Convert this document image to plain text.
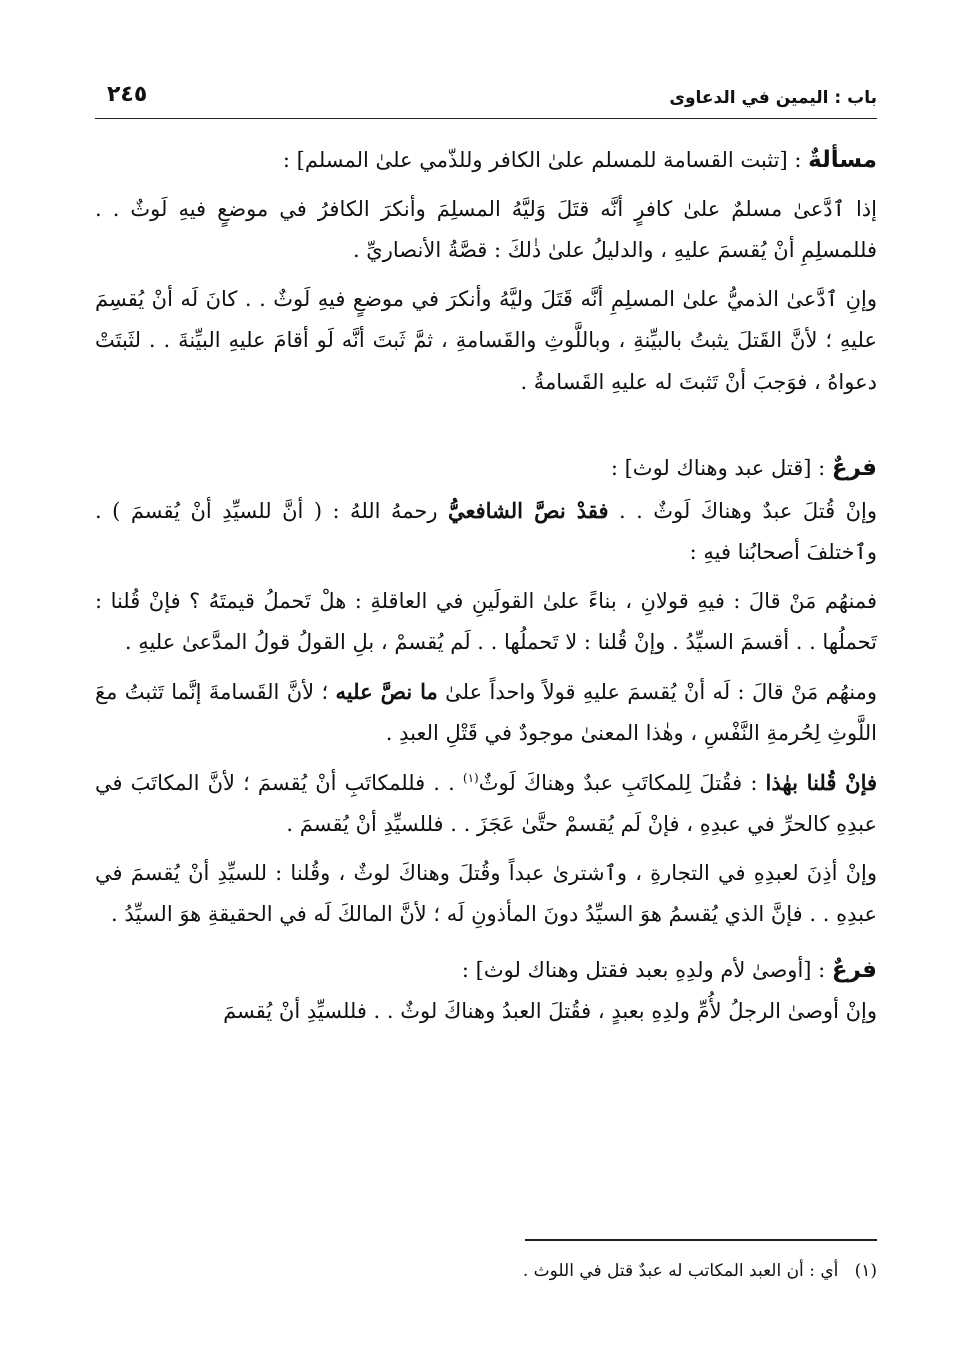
باب : اليمين في الدعاوى
٢٤٥
مسألةٌ : [تثبت القسامة للمسلم علىٰ الكافر وللذّمي علىٰ المسلم] :

إذا ٱدَّعىٰ مسلمٌ علىٰ كافرٍ أنَّه قتَلَ وَليَّهُ المسلِمَ وأنكرَ الكافرُ في موضعٍ فيهِ لَوثٌ . . فللمسلِمِ أنْ يُقسمَ عليهِ ، والدليلُ علىٰ ذٰلكَ : قصَّةُ الأنصاريِّ .

وإنِ ٱدَّعىٰ الذميُّ علىٰ المسلِمِ أنَّه قَتَلَ وليَّهُ وأنكرَ في موضعٍ فيهِ لَوثٌ . . كانَ لَه أنْ يُقسِمَ عليهِ ؛ لأنَّ القَتلَ يثبتُ بالبيِّنةِ ، وباللَّوثِ والقَسامةِ ، ثمَّ ثَبتَ أنَّه لَو أقامَ عليهِ البيِّنةَ . . لثَبتَتْ دعواهُ ، فوَجبَ أنْ تَثبتَ له عليهِ القَسامةُ .

فرعٌ : [قتل عبد وهناك لوث] :

وإنْ قُتلَ عبدٌ وهناكَ لَوثٌ . . فقدْ نصَّ الشافعيُّ رحمهُ اللهُ : ( أنَّ للسيِّدِ أنْ يُقسمَ ) . وٱختلفَ أصحابُنا فيهِ :

فمنهُم مَنْ قالَ : فيهِ قولانِ ، بناءً علىٰ القولَينِ في العاقلةِ : هلْ تَحملُ قيمتَهُ ؟ فإنْ قُلنا : تَحملُها . . أقسمَ السيِّدُ . وإنْ قُلنا : لا تَحملُها . . لَم يُقسمْ ، بلِ القولُ قولُ المدَّعىٰ عليهِ .

ومنهُم مَنْ قالَ : لَه أنْ يُقسمَ عليهِ قولاً واحداً علىٰ ما نصَّ عليه ؛ لأنَّ القَسامةَ إنَّما تَثبتُ معَ اللَّوثِ لِحُرمةِ النَّفْسِ ، وهٰذا المعنىٰ موجودٌ في قَتْلِ العبدِ .

فإنْ قُلنا بهٰذا : فقُتلَ لِلمكاتَبِ عبدٌ وهناكَ لَوثٌ$^{(١)}$ . . فللمكاتَبِ أنْ يُقسمَ ؛ لأنَّ المكاتَبَ في عبدِهِ كالحرِّ في عبدِهِ ، فإنْ لَم يُقسمْ حتَّىٰ عَجَزَ . . فللسيِّدِ أنْ يُقسمَ .

وإنْ أذِنَ لعبدِهِ في التجارةِ ، وٱشترىٰ عبداً وقُتلَ وهناكَ لوثٌ ، وقُلنا : للسيِّدِ أنْ يُقسمَ في عبدِهِ . . فإنَّ الذي يُقسمُ هوَ السيِّدُ دونَ المأذونِ لَه ؛ لأنَّ المالكَ لَه في الحقيقةِ هوَ السيِّدُ .

فرعٌ : [أوصىٰ لأم ولدِهِ بعبد فقتل وهناك لوث] :

وإنْ أوصىٰ الرجلُ لأُمِّ ولدِهِ بعبدٍ ، فقُتلَ العبدُ وهناكَ لوثٌ . . فللسيِّدِ أنْ يُقسمَ

(١)   أي : أن العبد المكاتب له عبدٌ قتل في اللوث .
